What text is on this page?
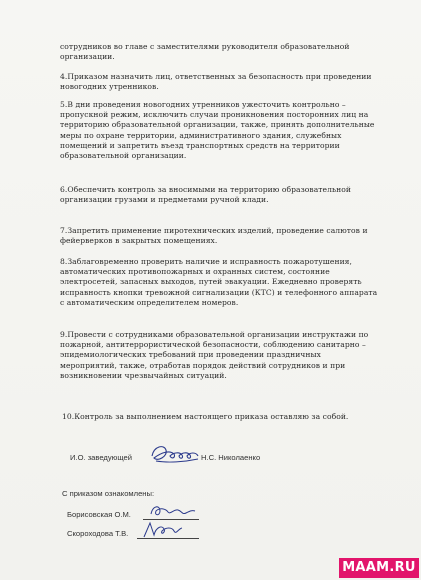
сотрудников во главе с заместителями руководителя образовательной организации.

4.Приказом назначить лиц, ответственных за безопасность при проведении новогодних утренников.

5.В дни проведения новогодних утренников ужесточить контрольно – пропускной режим, исключить случаи проникновения посторонних лиц на территорию образовательной организации, также, принять дополнительные меры по охране территории, административного здания, служебных помещений и запретить въезд транспортных средств на территории образовательной организации.

6.Обеспечить контроль за вносимыми на территорию образовательной организации грузами и предметами ручной клади.

7.Запретить применение пиротехнических изделий, проведение салютов и фейерверков в закрытых помещениях.

8.Заблаговременно проверить наличие и исправность пожаротушения, автоматических противопожарных и охранных систем, состояние электросетей, запасных выходов, путей эвакуации. Ежедневно проверять исправность кнопки тревожной сигнализации (КТС) и телефонного аппарата с автоматическим определителем номеров.

9.Провести с сотрудниками образовательной организации инструктажи по пожарной, антитеррористической безопасности, соблюдению санитарно – эпидемиологических требований при проведении праздничных мероприятий, также, отработав порядок действий сотрудников и при возникновении чрезвычайных ситуаций.

10.Контроль за выполнением настоящего приказа оставляю за собой.

И.О. заведующей	Н.С. Николаенко
С приказом ознакомлены:
Борисовская О.М.
Скороходова Т.В.
MAAM.RU
